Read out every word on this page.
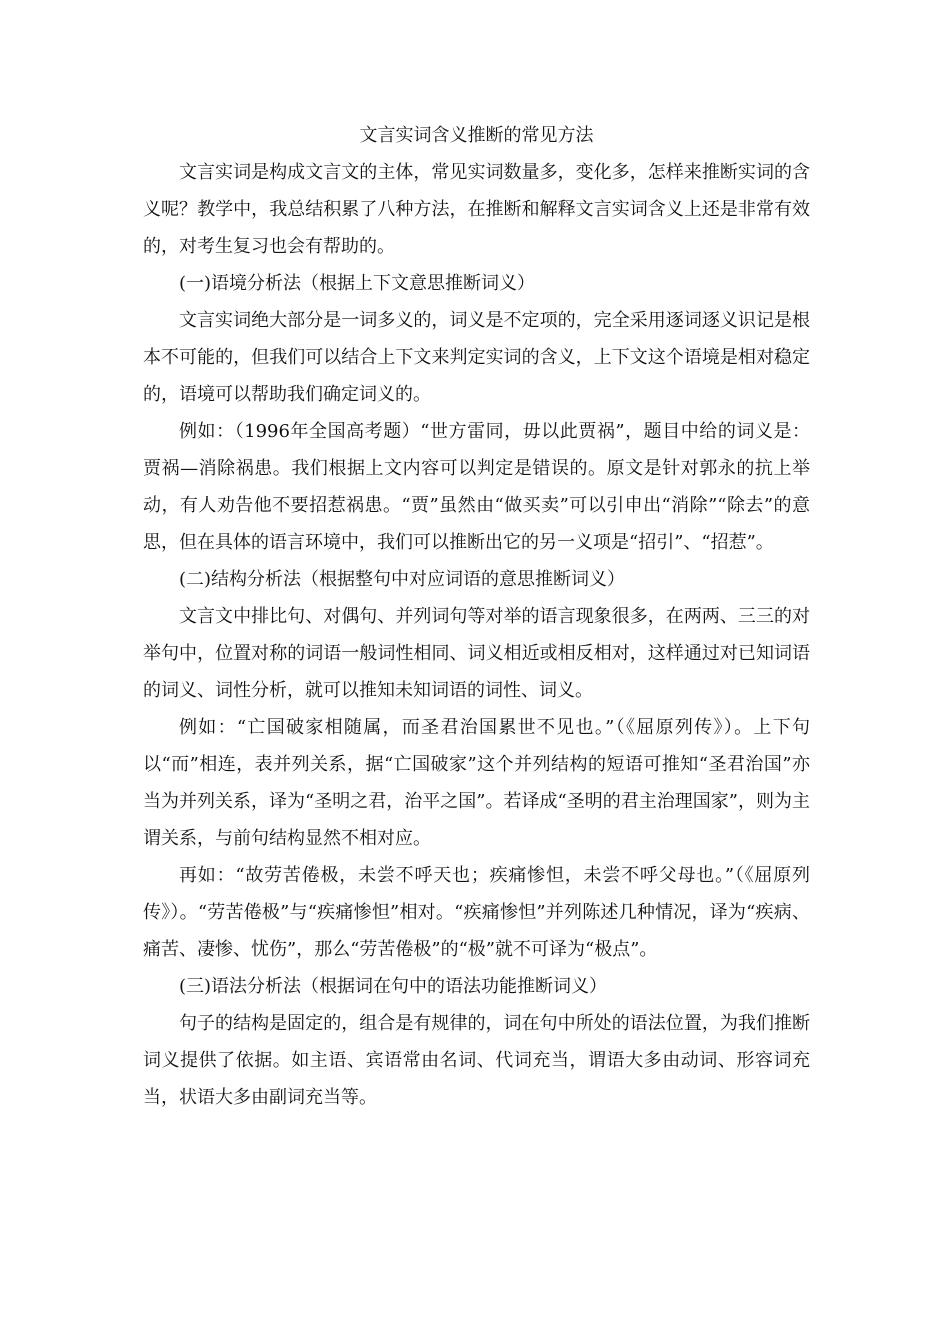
文言实词含义推断的常见方法

文言实词是构成文言文的主体，常见实词数量多，变化多，怎样来推断实词的含义呢？教学中，我总结积累了八种方法，在推断和解释文言实词含义上还是非常有效的，对考生复习也会有帮助的。

(一)语境分析法（根据上下文意思推断词义）

文言实词绝大部分是一词多义的，词义是不定项的，完全采用逐词逐义识记是根本不可能的，但我们可以结合上下文来判定实词的含义，上下文这个语境是相对稳定的，语境可以帮助我们确定词义的。

例如：（1996年全国高考题）“世方雷同，毋以此贾祸”，题目中给的词义是：贾祸—消除祸患。我们根据上文内容可以判定是错误的。原文是针对郭永的抗上举动，有人劝告他不要招惹祸患。“贾”虽然由“做买卖”可以引申出“消除”“除去”的意思，但在具体的语言环境中，我们可以推断出它的另一义项是“招引”、“招惹”。

(二)结构分析法（根据整句中对应词语的意思推断词义）

文言文中排比句、对偶句、并列词句等对举的语言现象很多，在两两、三三的对举句中，位置对称的词语一般词性相同、词义相近或相反相对，这样通过对已知词语的词义、词性分析，就可以推知未知词语的词性、词义。

例如：“亡国破家相随属，而圣君治国累世不见也。”（《屈原列传》）。上下句以“而”相连，表并列关系，据“亡国破家”这个并列结构的短语可推知“圣君治国”亦当为并列关系，译为“圣明之君，治平之国”。若译成“圣明的君主治理国家”，则为主谓关系，与前句结构显然不相对应。

再如：“故劳苦倦极，未尝不呼天也；疾痛惨怛，未尝不呼父母也。”（《屈原列传》）。“劳苦倦极”与“疾痛惨怛”相对。“疾痛惨怛”并列陈述几种情况，译为“疾病、痛苦、凄惨、忧伤”，那么“劳苦倦极”的“极”就不可译为“极点”。

(三)语法分析法（根据词在句中的语法功能推断词义）

句子的结构是固定的，组合是有规律的，词在句中所处的语法位置，为我们推断词义提供了依据。如主语、宾语常由名词、代词充当，谓语大多由动词、形容词充当，状语大多由副词充当等。
